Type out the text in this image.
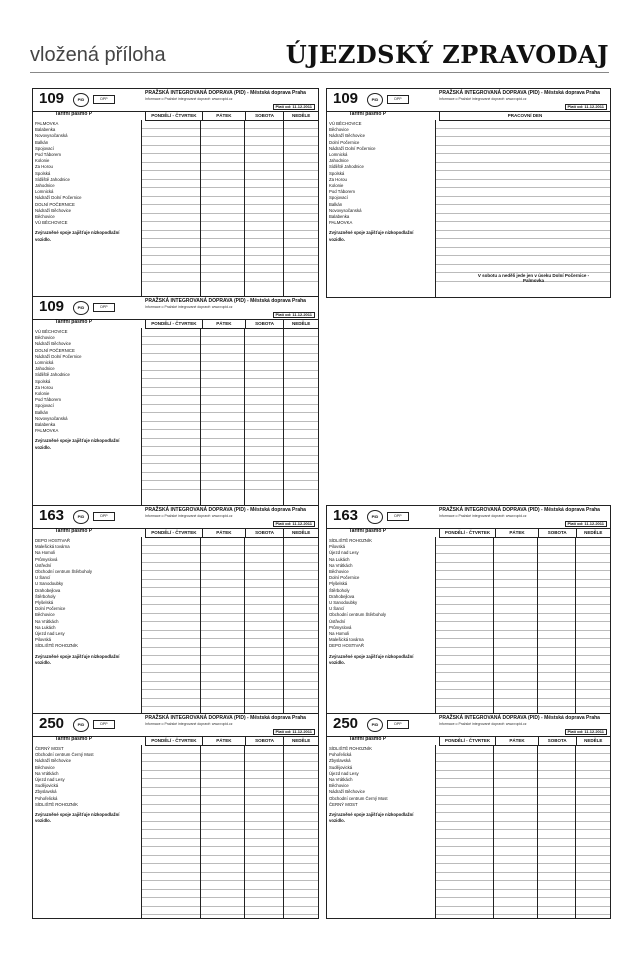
vložená příloha	ÚJEZDSKÝ ZPRAVODAJ
109	PID	DPP
PRAŽSKÁ INTEGROVANÁ DOPRAVA (PID) - Městská doprava Praha
Informace o Pražské integrované dopravě: www.ropid.cz
Platí od: 11.12.2011
Tarifní pásmo P	PONDĚLÍ - ČTVRTEK	PÁTEK	SOBOTA	NEDĚLE
PALMOVKA
Balabenka
Novovysočanská
Balkán
Spojovací
Pod Táborem
Kolonie
Za Horou
Spolská
Sídliště Jahodnice
Jahodnice
Lomnická
Nádraží Dolní Počernice
DOLNÍ POČERNICE
Nádraží Běchovice
Běchovice
VÚ BĚCHOVICE
Zvýrazněné spoje zajišťuje nízkopodlažní vozidlo.
109	PID	DPP
PRAŽSKÁ INTEGROVANÁ DOPRAVA (PID) - Městská doprava Praha
Informace o Pražské integrované dopravě: www.ropid.cz
Platí od: 11.12.2011
Tarifní pásmo P	PRACOVNÍ DEN
VÚ BĚCHOVICE
Běchovice
Nádraží Běchovice
Dolní Počernice
Nádraží Dolní Počernice
Lomnická
Jahodnice
Sídliště Jahodnice
Spolská
Za Horou
Kolonie
Pod Táborem
Spojovací
Balkán
Novovysočanská
Balabenka
PALMOVKA
Zvýrazněné spoje zajišťuje nízkopodlažní vozidlo.
V sobotu a neděli jede jen v úseku Dolní Počernice - Palmovka
109	PID	DPP
PRAŽSKÁ INTEGROVANÁ DOPRAVA (PID) - Městská doprava Praha
Informace o Pražské integrované dopravě: www.ropid.cz
Platí od: 11.12.2011
Tarifní pásmo P	PONDĚLÍ - ČTVRTEK	PÁTEK	SOBOTA	NEDĚLE
VÚ BĚCHOVICE
Běchovice
Nádraží Běchovice
DOLNÍ POČERNICE
Nádraží Dolní Počernice
Lomnická
Jahodnice
Sídliště Jahodnice
Spolská
Za Horou
Kolonie
Pod Táborem
Spojovací
Balkán
Novovysočanská
Balabenka
PALMOVKA
Zvýrazněné spoje zajišťuje nízkopodlažní vozidlo.
163	PID	DPP
PRAŽSKÁ INTEGROVANÁ DOPRAVA (PID) - Městská doprava Praha
Informace o Pražské integrované dopravě: www.ropid.cz
Platí od: 11.12.2011
Tarifní pásmo P	PONDĚLÍ - ČTVRTEK	PÁTEK	SOBOTA	NEDĚLE
DEPO HOSTIVAŘ
Malešická továrna
Na Homoli
Průmyslová
Ústřední
Obchodní centrum Štěrboholy
U Šancí
U Sanodoubky
Drahobejlova
Štěrboholy
Plyšelská
Dolní Počernice
Běchovice
Na Vrátkách
Na Lukách
Újezd nad Lesy
Pilovská
SÍDLIŠTĚ ROHOZNÍK
Zvýrazněné spoje zajišťuje nízkopodlažní vozidlo.
163	PID	DPP
PRAŽSKÁ INTEGROVANÁ DOPRAVA (PID) - Městská doprava Praha
Informace o Pražské integrované dopravě: www.ropid.cz
Platí od: 11.12.2011
Tarifní pásmo P	PONDĚLÍ - ČTVRTEK	PÁTEK	SOBOTA	NEDĚLE
SÍDLIŠTĚ ROHOZNÍK
Pilovská
Újezd nad Lesy
Na Lukách
Na Vrátkách
Běchovice
Dolní Počernice
Plyšelská
Štěrboholy
Drahobejlova
U Sanodoubky
U Šancí
Obchodní centrum Štěrboholy
Ústřední
Průmyslová
Na Homoli
Malešická továrna
DEPO HOSTIVAŘ
Zvýrazněné spoje zajišťuje nízkopodlažní vozidlo.
250	PID	DPP
PRAŽSKÁ INTEGROVANÁ DOPRAVA (PID) - Městská doprava Praha
Informace o Pražské integrované dopravě: www.ropid.cz
Platí od: 11.12.2011
Tarifní pásmo P	PONDĚLÍ - ČTVRTEK	PÁTEK	SOBOTA	NEDĚLE
ČERNÝ MOST
Obchodní centrum Černý Most
Nádraží Běchovice
Běchovice
Na Vrátkách
Újezd nad Lesy
Sudějovická
Zbyslavská
Pohořelická
SÍDLIŠTĚ ROHOZNÍK
Zvýrazněné spoje zajišťuje nízkopodlažní vozidlo.
250	PID	DPP
PRAŽSKÁ INTEGROVANÁ DOPRAVA (PID) - Městská doprava Praha
Informace o Pražské integrované dopravě: www.ropid.cz
Platí od: 11.12.2011
Tarifní pásmo P	PONDĚLÍ - ČTVRTEK	PÁTEK	SOBOTA	NEDĚLE
SÍDLIŠTĚ ROHOZNÍK
Pohořelická
Zbyslavská
Sudějovická
Újezd nad Lesy
Na Vrátkách
Běchovice
Nádraží Běchovice
Obchodní centrum Černý Most
ČERNÝ MOST
Zvýrazněné spoje zajišťuje nízkopodlažní vozidlo.
